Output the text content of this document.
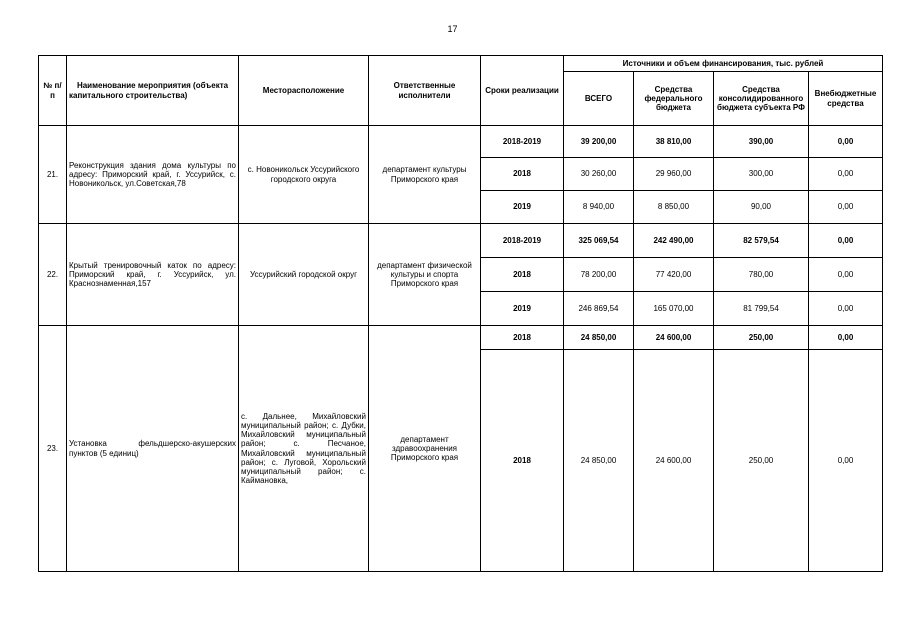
17
№ п/п	Наименование мероприятия (объекта капитального строительства)	Месторасположение	Ответственные исполнители	Сроки реализации	Источники и объем финансирования, тыс. рублей			
					ВСЕГО	Средства федерального бюджета	Средства консолидированного бюджета субъекта РФ	Внебюджетные средства
21.	Реконструкция здания дома культуры по адресу: Приморский край, г. Уссурийск, с. Новоникольск, ул.Советская,78	с. Новоникольск Уссурийского городского округа	департамент культуры Приморского края	2018-2019	39 200,00	38 810,00	390,00	0,00
				2018	30 260,00	29 960,00	300,00	0,00
				2019	8 940,00	8 850,00	90,00	0,00
22.	Крытый тренировочный каток по адресу: Приморский край, г. Уссурийск, ул. Краснознаменная,157	Уссурийский городской округ	департамент физической культуры и спорта Приморского края	2018-2019	325 069,54	242 490,00	82 579,54	0,00
				2018	78 200,00	77 420,00	780,00	0,00
				2019	246 869,54	165 070,00	81 799,54	0,00
23.	Установка фельдшерско-акушерских пунктов (5 единиц)	с. Дальнее, Михайловский муниципальный район; с. Дубки, Михайловский муниципальный район; с. Песчаное, Михайловский муниципальный район; с. Луговой, Хорольский муниципальный район; с. Каймановка,	департамент здравоохранения Приморского края	2018	24 850,00	24 600,00	250,00	0,00
				2018	24 850,00	24 600,00	250,00	0,00
